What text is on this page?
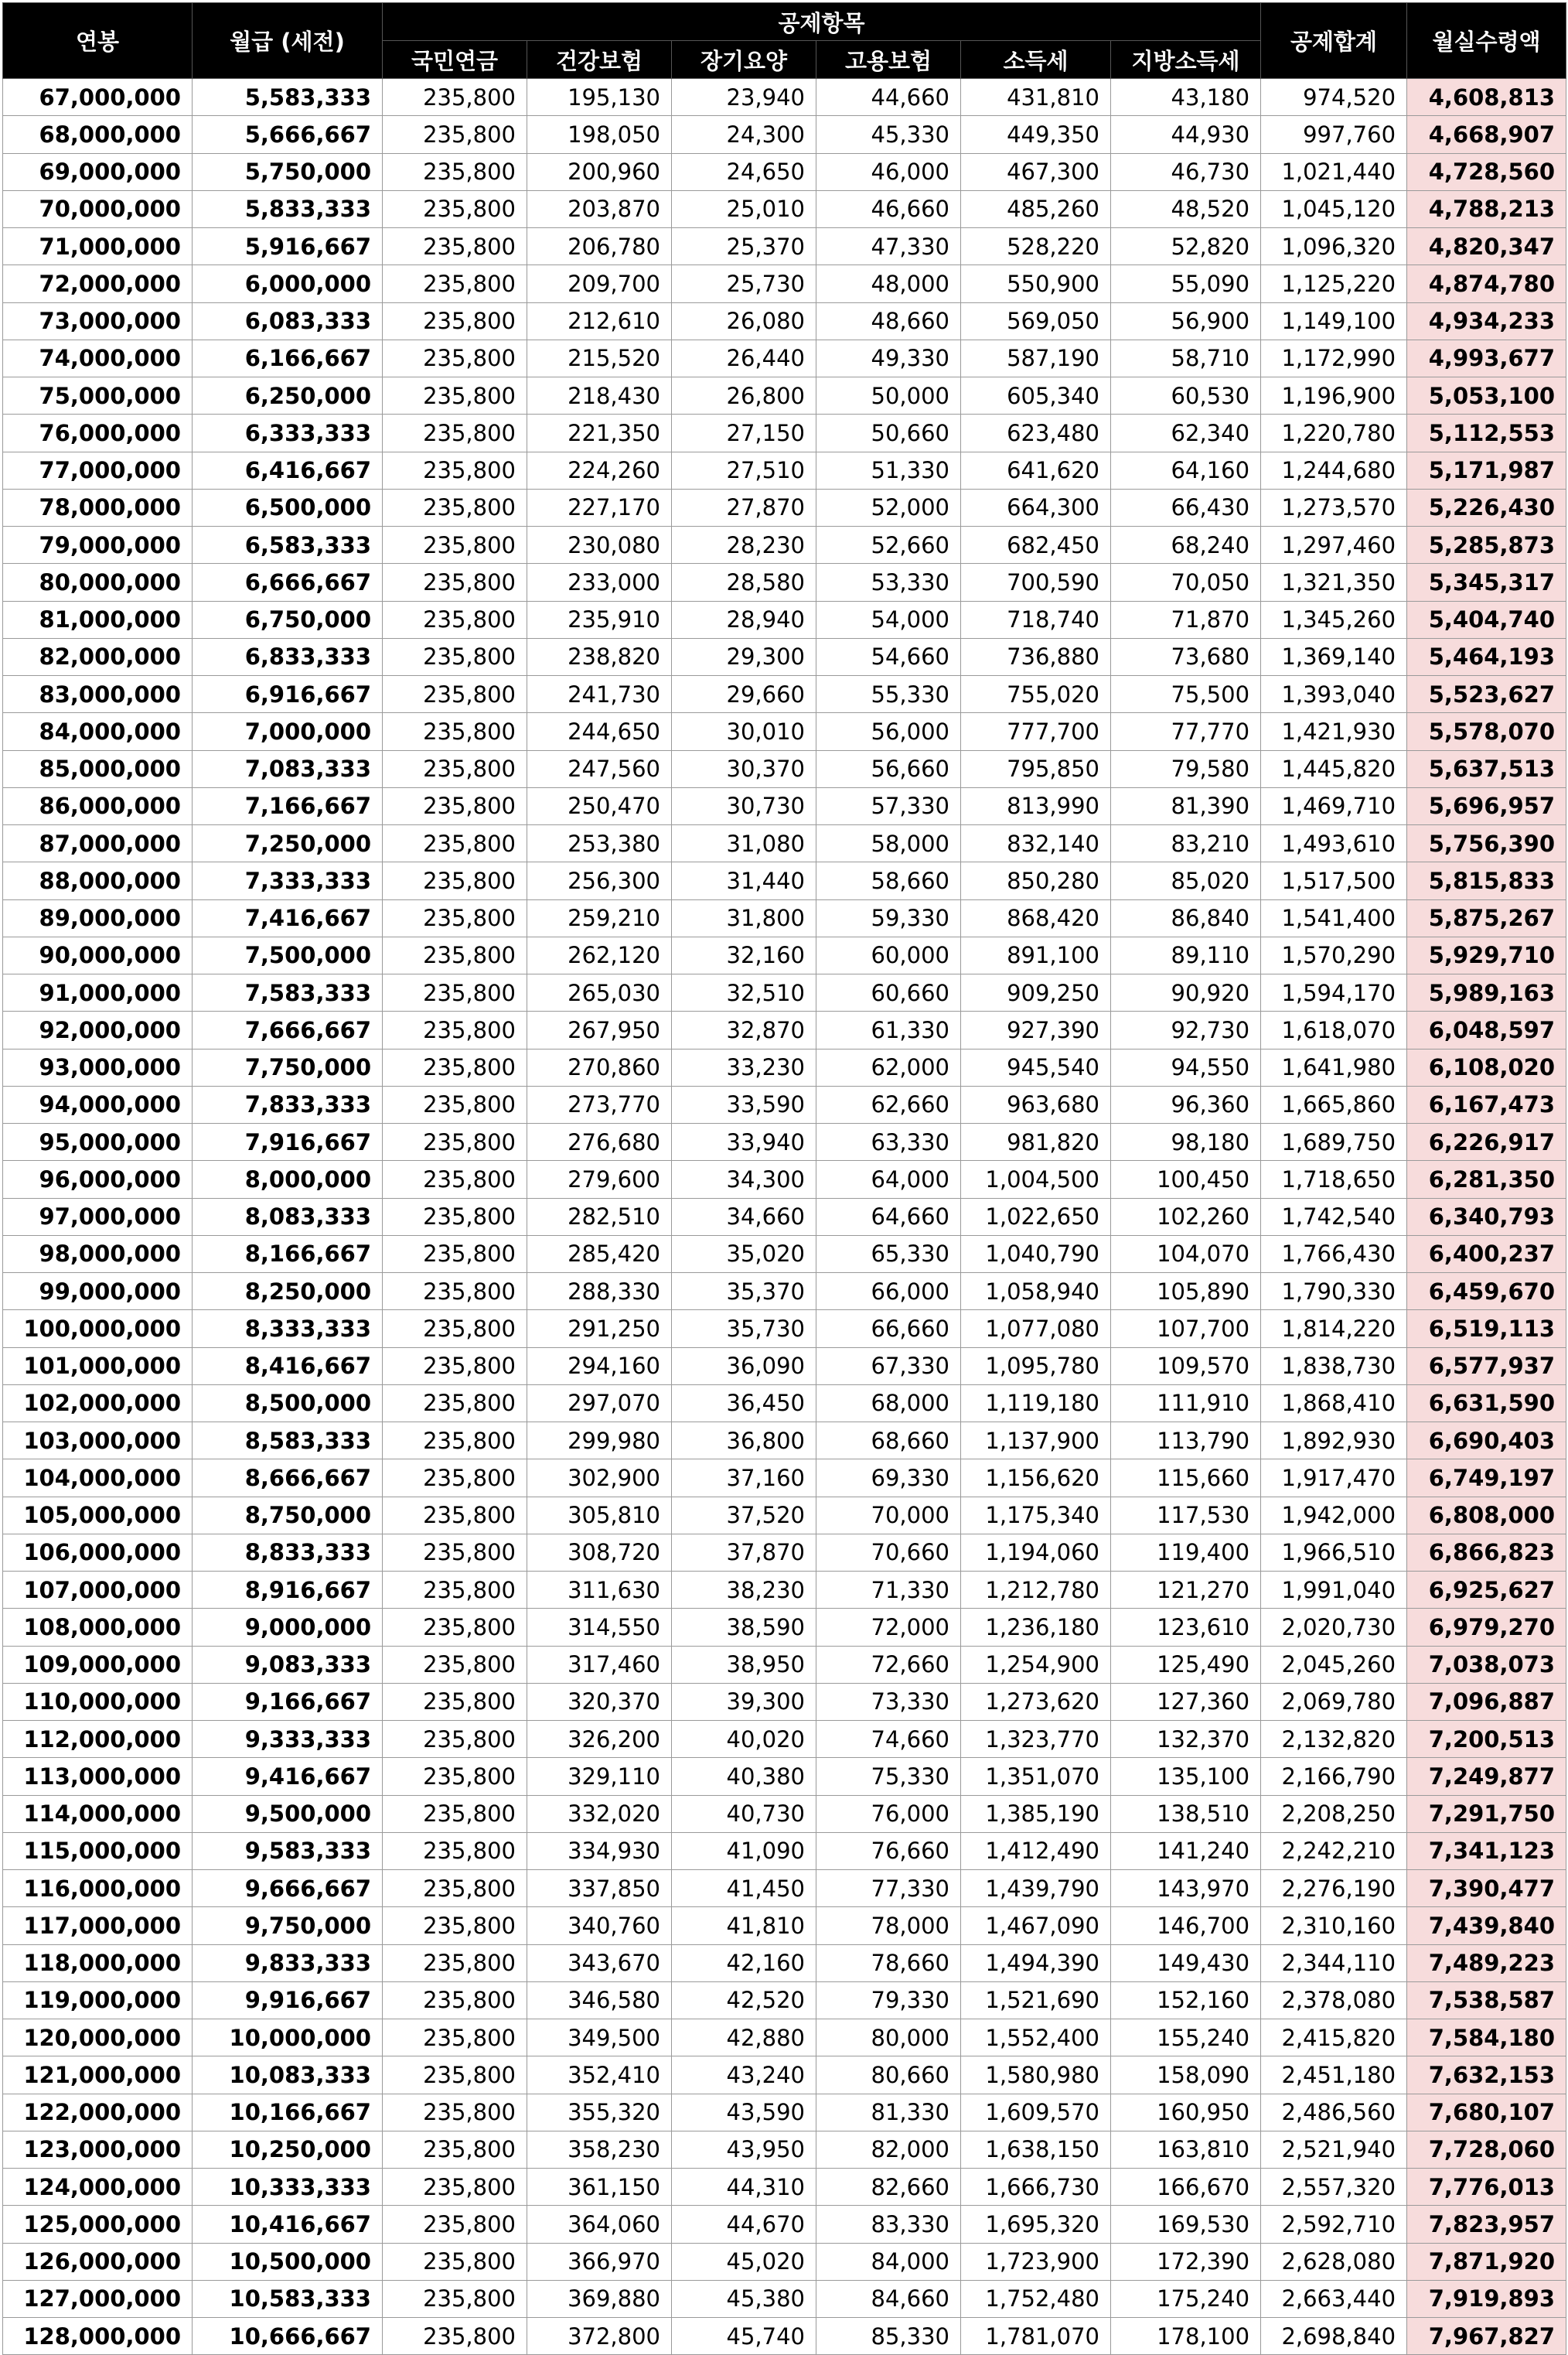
연봉	월급 (세전)	공제항목						공제합계	월실수령액
		국민연금	건강보험	장기요양	고용보험	소득세	지방소득세		
67,000,000	5,583,333	235,800	195,130	23,940	44,660	431,810	43,180	974,520	4,608,813
68,000,000	5,666,667	235,800	198,050	24,300	45,330	449,350	44,930	997,760	4,668,907
69,000,000	5,750,000	235,800	200,960	24,650	46,000	467,300	46,730	1,021,440	4,728,560
70,000,000	5,833,333	235,800	203,870	25,010	46,660	485,260	48,520	1,045,120	4,788,213
71,000,000	5,916,667	235,800	206,780	25,370	47,330	528,220	52,820	1,096,320	4,820,347
72,000,000	6,000,000	235,800	209,700	25,730	48,000	550,900	55,090	1,125,220	4,874,780
73,000,000	6,083,333	235,800	212,610	26,080	48,660	569,050	56,900	1,149,100	4,934,233
74,000,000	6,166,667	235,800	215,520	26,440	49,330	587,190	58,710	1,172,990	4,993,677
75,000,000	6,250,000	235,800	218,430	26,800	50,000	605,340	60,530	1,196,900	5,053,100
76,000,000	6,333,333	235,800	221,350	27,150	50,660	623,480	62,340	1,220,780	5,112,553
77,000,000	6,416,667	235,800	224,260	27,510	51,330	641,620	64,160	1,244,680	5,171,987
78,000,000	6,500,000	235,800	227,170	27,870	52,000	664,300	66,430	1,273,570	5,226,430
79,000,000	6,583,333	235,800	230,080	28,230	52,660	682,450	68,240	1,297,460	5,285,873
80,000,000	6,666,667	235,800	233,000	28,580	53,330	700,590	70,050	1,321,350	5,345,317
81,000,000	6,750,000	235,800	235,910	28,940	54,000	718,740	71,870	1,345,260	5,404,740
82,000,000	6,833,333	235,800	238,820	29,300	54,660	736,880	73,680	1,369,140	5,464,193
83,000,000	6,916,667	235,800	241,730	29,660	55,330	755,020	75,500	1,393,040	5,523,627
84,000,000	7,000,000	235,800	244,650	30,010	56,000	777,700	77,770	1,421,930	5,578,070
85,000,000	7,083,333	235,800	247,560	30,370	56,660	795,850	79,580	1,445,820	5,637,513
86,000,000	7,166,667	235,800	250,470	30,730	57,330	813,990	81,390	1,469,710	5,696,957
87,000,000	7,250,000	235,800	253,380	31,080	58,000	832,140	83,210	1,493,610	5,756,390
88,000,000	7,333,333	235,800	256,300	31,440	58,660	850,280	85,020	1,517,500	5,815,833
89,000,000	7,416,667	235,800	259,210	31,800	59,330	868,420	86,840	1,541,400	5,875,267
90,000,000	7,500,000	235,800	262,120	32,160	60,000	891,100	89,110	1,570,290	5,929,710
91,000,000	7,583,333	235,800	265,030	32,510	60,660	909,250	90,920	1,594,170	5,989,163
92,000,000	7,666,667	235,800	267,950	32,870	61,330	927,390	92,730	1,618,070	6,048,597
93,000,000	7,750,000	235,800	270,860	33,230	62,000	945,540	94,550	1,641,980	6,108,020
94,000,000	7,833,333	235,800	273,770	33,590	62,660	963,680	96,360	1,665,860	6,167,473
95,000,000	7,916,667	235,800	276,680	33,940	63,330	981,820	98,180	1,689,750	6,226,917
96,000,000	8,000,000	235,800	279,600	34,300	64,000	1,004,500	100,450	1,718,650	6,281,350
97,000,000	8,083,333	235,800	282,510	34,660	64,660	1,022,650	102,260	1,742,540	6,340,793
98,000,000	8,166,667	235,800	285,420	35,020	65,330	1,040,790	104,070	1,766,430	6,400,237
99,000,000	8,250,000	235,800	288,330	35,370	66,000	1,058,940	105,890	1,790,330	6,459,670
100,000,000	8,333,333	235,800	291,250	35,730	66,660	1,077,080	107,700	1,814,220	6,519,113
101,000,000	8,416,667	235,800	294,160	36,090	67,330	1,095,780	109,570	1,838,730	6,577,937
102,000,000	8,500,000	235,800	297,070	36,450	68,000	1,119,180	111,910	1,868,410	6,631,590
103,000,000	8,583,333	235,800	299,980	36,800	68,660	1,137,900	113,790	1,892,930	6,690,403
104,000,000	8,666,667	235,800	302,900	37,160	69,330	1,156,620	115,660	1,917,470	6,749,197
105,000,000	8,750,000	235,800	305,810	37,520	70,000	1,175,340	117,530	1,942,000	6,808,000
106,000,000	8,833,333	235,800	308,720	37,870	70,660	1,194,060	119,400	1,966,510	6,866,823
107,000,000	8,916,667	235,800	311,630	38,230	71,330	1,212,780	121,270	1,991,040	6,925,627
108,000,000	9,000,000	235,800	314,550	38,590	72,000	1,236,180	123,610	2,020,730	6,979,270
109,000,000	9,083,333	235,800	317,460	38,950	72,660	1,254,900	125,490	2,045,260	7,038,073
110,000,000	9,166,667	235,800	320,370	39,300	73,330	1,273,620	127,360	2,069,780	7,096,887
112,000,000	9,333,333	235,800	326,200	40,020	74,660	1,323,770	132,370	2,132,820	7,200,513
113,000,000	9,416,667	235,800	329,110	40,380	75,330	1,351,070	135,100	2,166,790	7,249,877
114,000,000	9,500,000	235,800	332,020	40,730	76,000	1,385,190	138,510	2,208,250	7,291,750
115,000,000	9,583,333	235,800	334,930	41,090	76,660	1,412,490	141,240	2,242,210	7,341,123
116,000,000	9,666,667	235,800	337,850	41,450	77,330	1,439,790	143,970	2,276,190	7,390,477
117,000,000	9,750,000	235,800	340,760	41,810	78,000	1,467,090	146,700	2,310,160	7,439,840
118,000,000	9,833,333	235,800	343,670	42,160	78,660	1,494,390	149,430	2,344,110	7,489,223
119,000,000	9,916,667	235,800	346,580	42,520	79,330	1,521,690	152,160	2,378,080	7,538,587
120,000,000	10,000,000	235,800	349,500	42,880	80,000	1,552,400	155,240	2,415,820	7,584,180
121,000,000	10,083,333	235,800	352,410	43,240	80,660	1,580,980	158,090	2,451,180	7,632,153
122,000,000	10,166,667	235,800	355,320	43,590	81,330	1,609,570	160,950	2,486,560	7,680,107
123,000,000	10,250,000	235,800	358,230	43,950	82,000	1,638,150	163,810	2,521,940	7,728,060
124,000,000	10,333,333	235,800	361,150	44,310	82,660	1,666,730	166,670	2,557,320	7,776,013
125,000,000	10,416,667	235,800	364,060	44,670	83,330	1,695,320	169,530	2,592,710	7,823,957
126,000,000	10,500,000	235,800	366,970	45,020	84,000	1,723,900	172,390	2,628,080	7,871,920
127,000,000	10,583,333	235,800	369,880	45,380	84,660	1,752,480	175,240	2,663,440	7,919,893
128,000,000	10,666,667	235,800	372,800	45,740	85,330	1,781,070	178,100	2,698,840	7,967,827
